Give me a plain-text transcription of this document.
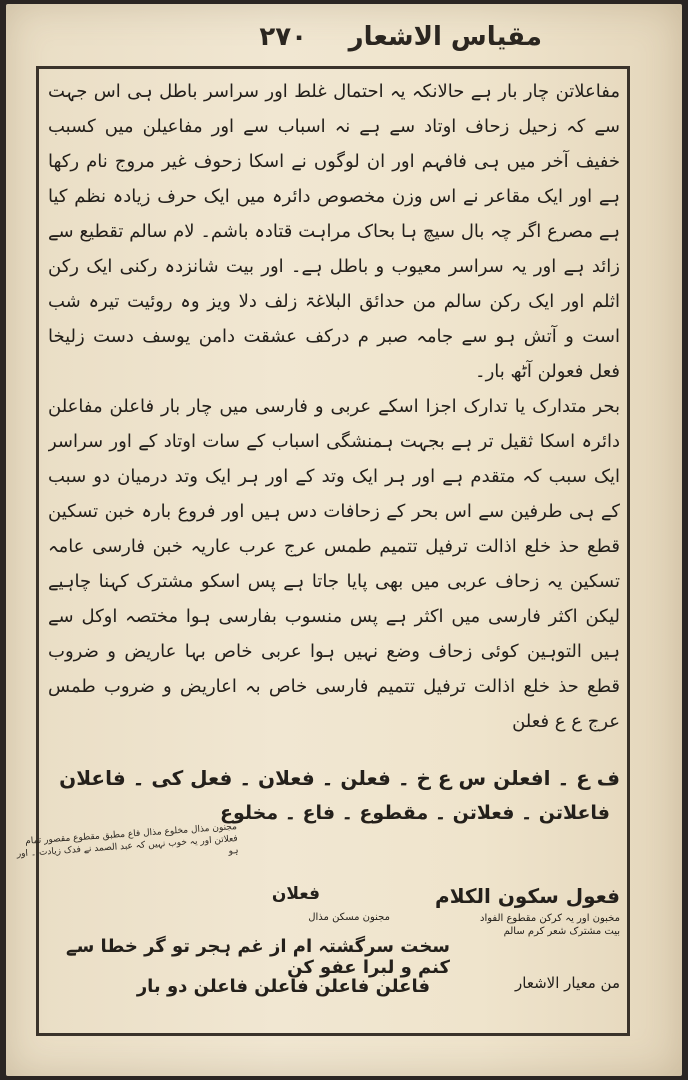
مقیاس الاشعار
۲۷۰

مفاعلاتن چار بار ہے حالانکہ یہ احتمال غلط اور سراسر باطل ہی اس جہت سے کہ زحیل زحاف اوتاد سے ہے نہ اسباب سے اور مفاعیلن میں کسبب خفیف آخر میں ہی فافہم اور ان لوگوں نے اسکا زحوف غیر مروج نام رکھا ہے اور ایک مقاعر نے اس وزن مخصوص دائرہ میں ایک حرف زیادہ نظم کیا ہے مصرع اگر چہ بال سیچ ہا بحاک مراہت قتادہ باشم۔ لام سالم تقطیع سے زائد ہے اور یہ سراسر معیوب و باطل ہے۔ اور بیت شانزدہ رکنی ایک رکن اثلم اور ایک رکن سالم من حدائق البلاغۃ زلف دلا ویز وہ روئیت تیرہ شب است و آتش ہو سے جامہ صبر م درکف عشقت دامن یوسف دست زلیخا فعل فعولن آٹھ بار۔

بحر متدارک یا تدارک اجزا اسکے عربی و فارسی میں چار بار فاعلن مفاعلن دائرہ اسکا ثقیل تر ہے بجہت ہمنشگی اسباب کے سات اوتاد کے اور سراسر ایک سبب کہ متقدم ہے اور ہر ایک وتد کے اور ہر ایک وتد درمیان دو سبب کے ہی طرفین سے اس بحر کے زحافات دس ہیں اور فروع بارہ خبن تسکین قطع حذ خلع اذالت ترفیل تتمیم طمس عرج عرب عاریہ خبن فارسی عامہ تسکین یہ زحاف عربی میں بھی پایا جاتا ہے پس اسکو مشترک کہنا چاہیے لیکن اکثر فارسی میں اکثر ہے پس منسوب بفارسی ہوا مختصہ اوکل سے ہیں التوہین کوئی زحاف وضع نہیں ہوا عربی خاص بہا عاریض و ضروب قطع حذ خلع اذالت ترفیل تتمیم فارسی خاص بہ اعاریض و ضروب طمس عرج ع ع فعلن

ف ع ۔ افعلن س ع خ ۔ فعلن ۔ فعلان ۔ فعل کی ۔ فاعلان
فاعلاتن ۔ فعلاتن ۔ مقطوع ۔ فاع ۔ مخلوع
مجنون مذال مخلوع مذال فاع مطبق مقطوع مقصور تمام فعلاتن اور یہ خوب نہیں کہ عبد الصمد نے فدک زیادت ۔ اور ہو
فعول سکون الکلام
مخبون اور یہ کرکن مقطوع الفواد بیت مشترک شعر کرم سالم
من معیار الاشعار
فعلان
مجنون مسکن مذال
سخت سرگشتہ ام از غم ہجر تو گر خطا سے کنم و لبرا عفو کن
فاعلن فاعلن فاعلن فاعلن دو بار
